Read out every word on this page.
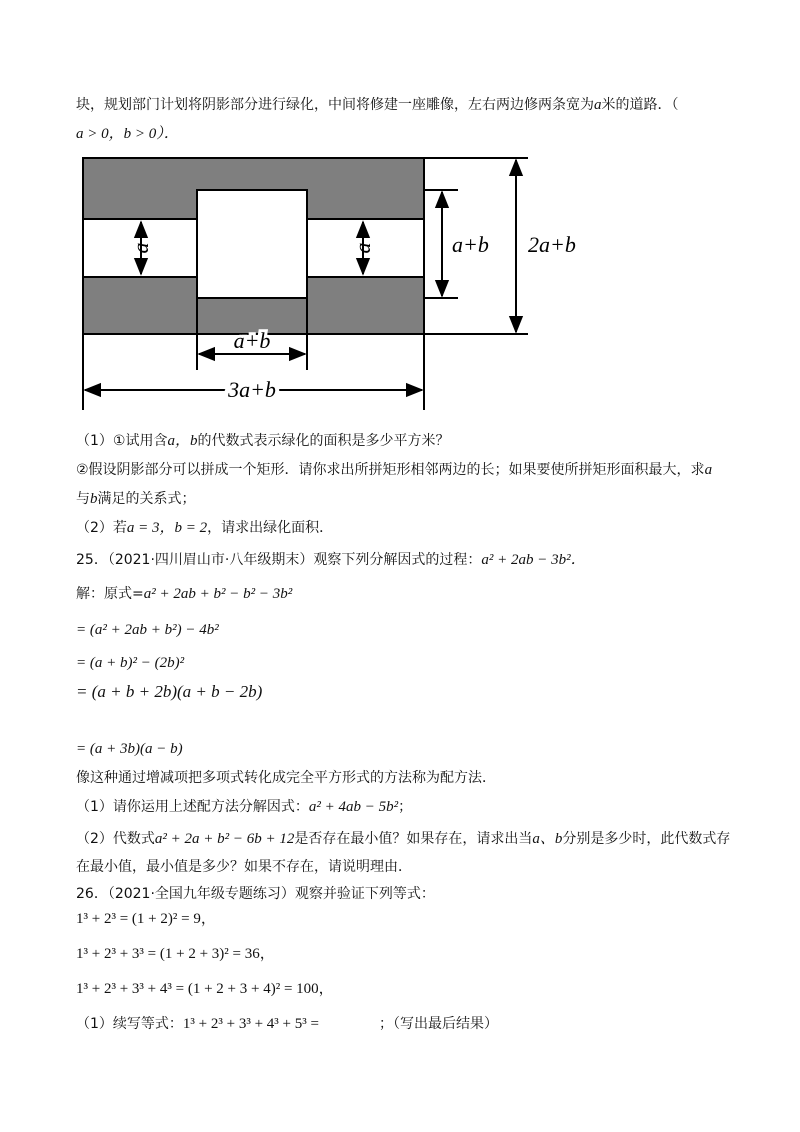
块，规划部门计划将阴影部分进行绿化，中间将修建一座雕像，左右两边修两条宽为a米的道路．（
a > 0，b > 0）．
a	a	a+b 2a+b
a+b
3a+b
（1）①试用含a，b的代数式表示绿化的面积是多少平方米？
②假设阴影部分可以拼成一个矩形．请你求出所拼矩形相邻两边的长；如果要使所拼矩形面积最大，求a
与b满足的关系式；
（2）若a = 3，b = 2，请求出绿化面积．
25．（2021·四川眉山市·八年级期末）观察下列分解因式的过程：a² + 2ab − 3b²．
解：原式=a² + 2ab + b² − b² − 3b²
= (a² + 2ab + b²) − 4b²
= (a + b)² − (2b)²
= (a + b + 2b)(a + b − 2b)
= (a + 3b)(a − b)
像这种通过增减项把多项式转化成完全平方形式的方法称为配方法．
（1）请你运用上述配方法分解因式：a² + 4ab − 5b²；
（2）代数式a² + 2a + b² − 6b + 12是否存在最小值？如果存在，请求出当a、b分别是多少时，此代数式存
在最小值，最小值是多少？如果不存在，请说明理由．
26．（2021·全国九年级专题练习）观察并验证下列等式：
1³ + 2³ = (1 + 2)² = 9，
1³ + 2³ + 3³ = (1 + 2 + 3)² = 36，
1³ + 2³ + 3³ + 4³ = (1 + 2 + 3 + 4)² = 100，
（1）续写等式：1³ + 2³ + 3³ + 4³ + 5³ =	；（写出最后结果）
